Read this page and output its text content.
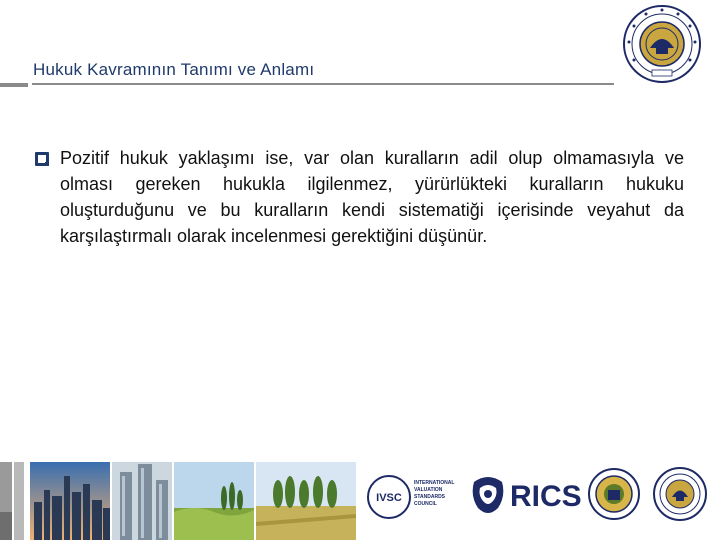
Hukuk Kavramının Tanımı ve Anlamı

Pozitif hukuk yaklaşımı ise, var olan kuralların adil olup olmamasıyla ve olması gereken hukukla ilgilenmez, yürürlükteki kuralların hukuku oluşturduğunu ve bu kuralların kendi sistematiği içerisinde veyahut da karşılaştırmalı olarak incelenmesi gerektiğini düşünür.

IVSC
INTERNATIONAL
VALUATION
STANDARDS
COUNCIL	RICS
